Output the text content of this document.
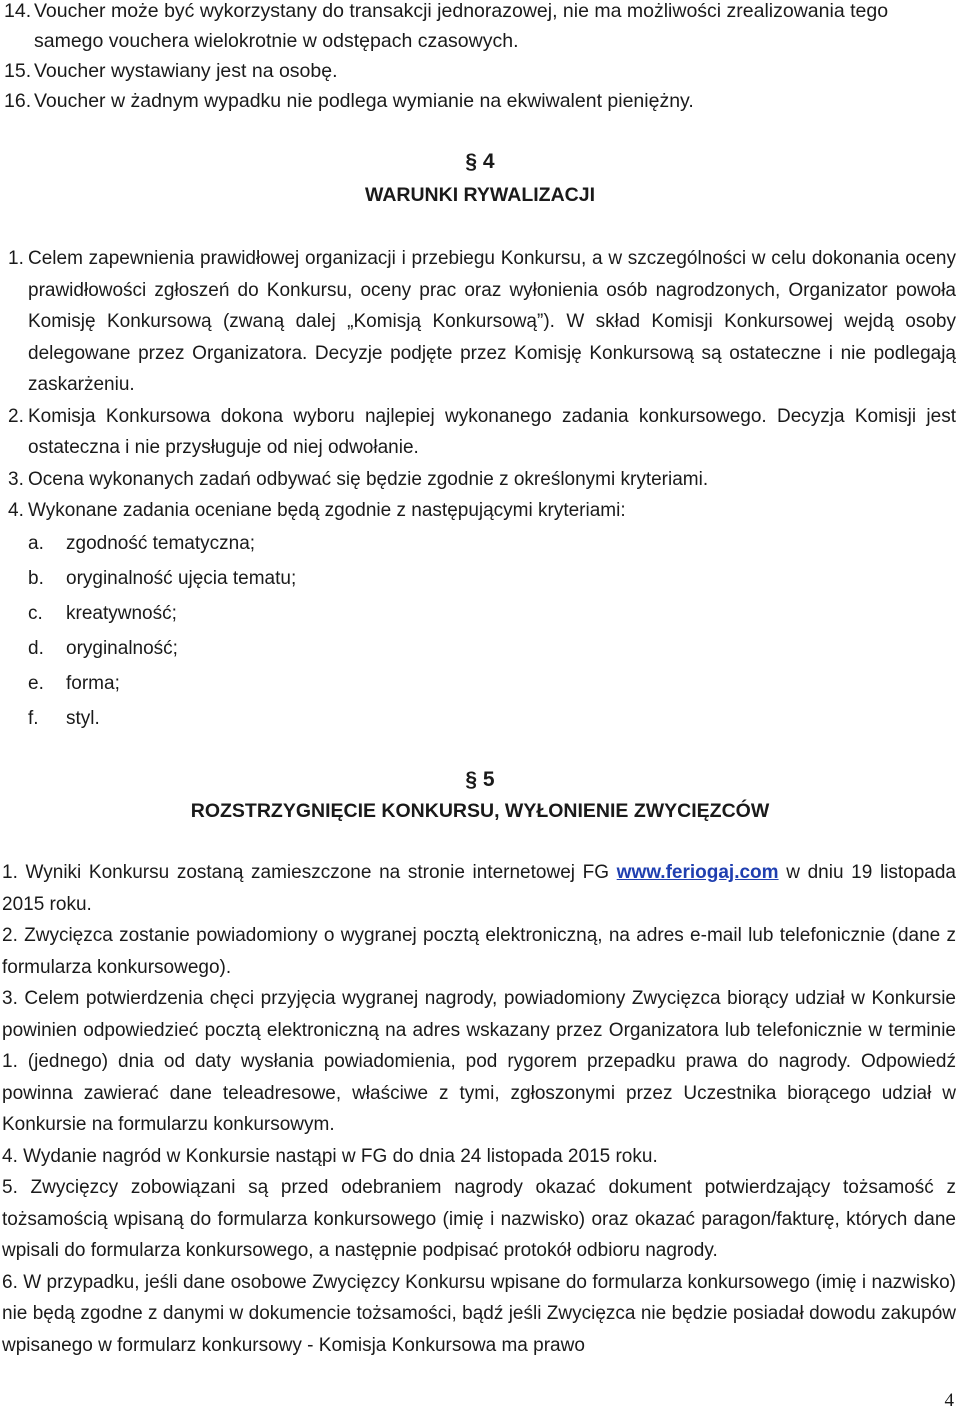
14. Voucher może być wykorzystany do transakcji jednorazowej, nie ma możliwości zrealizowania tego samego vouchera wielokrotnie w odstępach czasowych.
15. Voucher wystawiany jest na osobę.
16. Voucher w żadnym wypadku nie podlega wymianie na ekwiwalent pieniężny.
§ 4
WARUNKI RYWALIZACJI
1. Celem zapewnienia prawidłowej organizacji i przebiegu Konkursu, a w szczególności w celu dokonania oceny prawidłowości zgłoszeń do Konkursu, oceny prac oraz wyłonienia osób nagrodzonych, Organizator powoła Komisję Konkursową (zwaną dalej „Komisją Konkursową”). W skład Komisji Konkursowej wejdą osoby delegowane przez Organizatora. Decyzje podjęte przez Komisję Konkursową są ostateczne i nie podlegają zaskarżeniu.
2. Komisja Konkursowa dokona wyboru najlepiej wykonanego zadania konkursowego. Decyzja Komisji jest ostateczna i nie przysługuje od niej odwołanie.
3. Ocena wykonanych zadań odbywać się będzie zgodnie z określonymi kryteriami.
4. Wykonane zadania oceniane będą zgodnie z następującymi kryteriami:
a.	zgodność tematyczna;
b.	oryginalność ujęcia tematu;
c.	kreatywność;
d.	oryginalność;
e.	forma;
f.	styl.
§ 5
ROZSTRZYGNIĘCIE KONKURSU, WYŁONIENIE ZWYCIĘZCÓW

1. Wyniki Konkursu zostaną zamieszczone na stronie internetowej FG www.feriogaj.com w dniu 19 listopada 2015 roku.

2. Zwycięzca zostanie powiadomiony o wygranej pocztą elektroniczną, na adres e-mail lub telefonicznie (dane z formularza konkursowego).

3. Celem potwierdzenia chęci przyjęcia wygranej nagrody, powiadomiony Zwycięzca biorący udział w Konkursie powinien odpowiedzieć pocztą elektroniczną na adres wskazany przez Organizatora lub telefonicznie w terminie 1. (jednego) dnia od daty wysłania powiadomienia, pod rygorem przepadku prawa do nagrody. Odpowiedź powinna zawierać dane teleadresowe, właściwe z tymi, zgłoszonymi przez Uczestnika biorącego udział w Konkursie na formularzu konkursowym.

4. Wydanie nagród w Konkursie nastąpi w FG do dnia 24 listopada 2015 roku.

5. Zwycięzcy zobowiązani są przed odebraniem nagrody okazać dokument potwierdzający tożsamość z tożsamością wpisaną do formularza konkursowego (imię i nazwisko) oraz okazać paragon/fakturę, których dane wpisali do formularza konkursowego, a następnie podpisać protokół odbioru nagrody.

6. W przypadku, jeśli dane osobowe Zwycięzcy Konkursu wpisane do formularza konkursowego (imię i nazwisko) nie będą zgodne z danymi w dokumencie tożsamości, bądź jeśli Zwycięzca nie będzie posiadał dowodu zakupów wpisanego w formularz konkursowy - Komisja Konkursowa ma prawo

4
